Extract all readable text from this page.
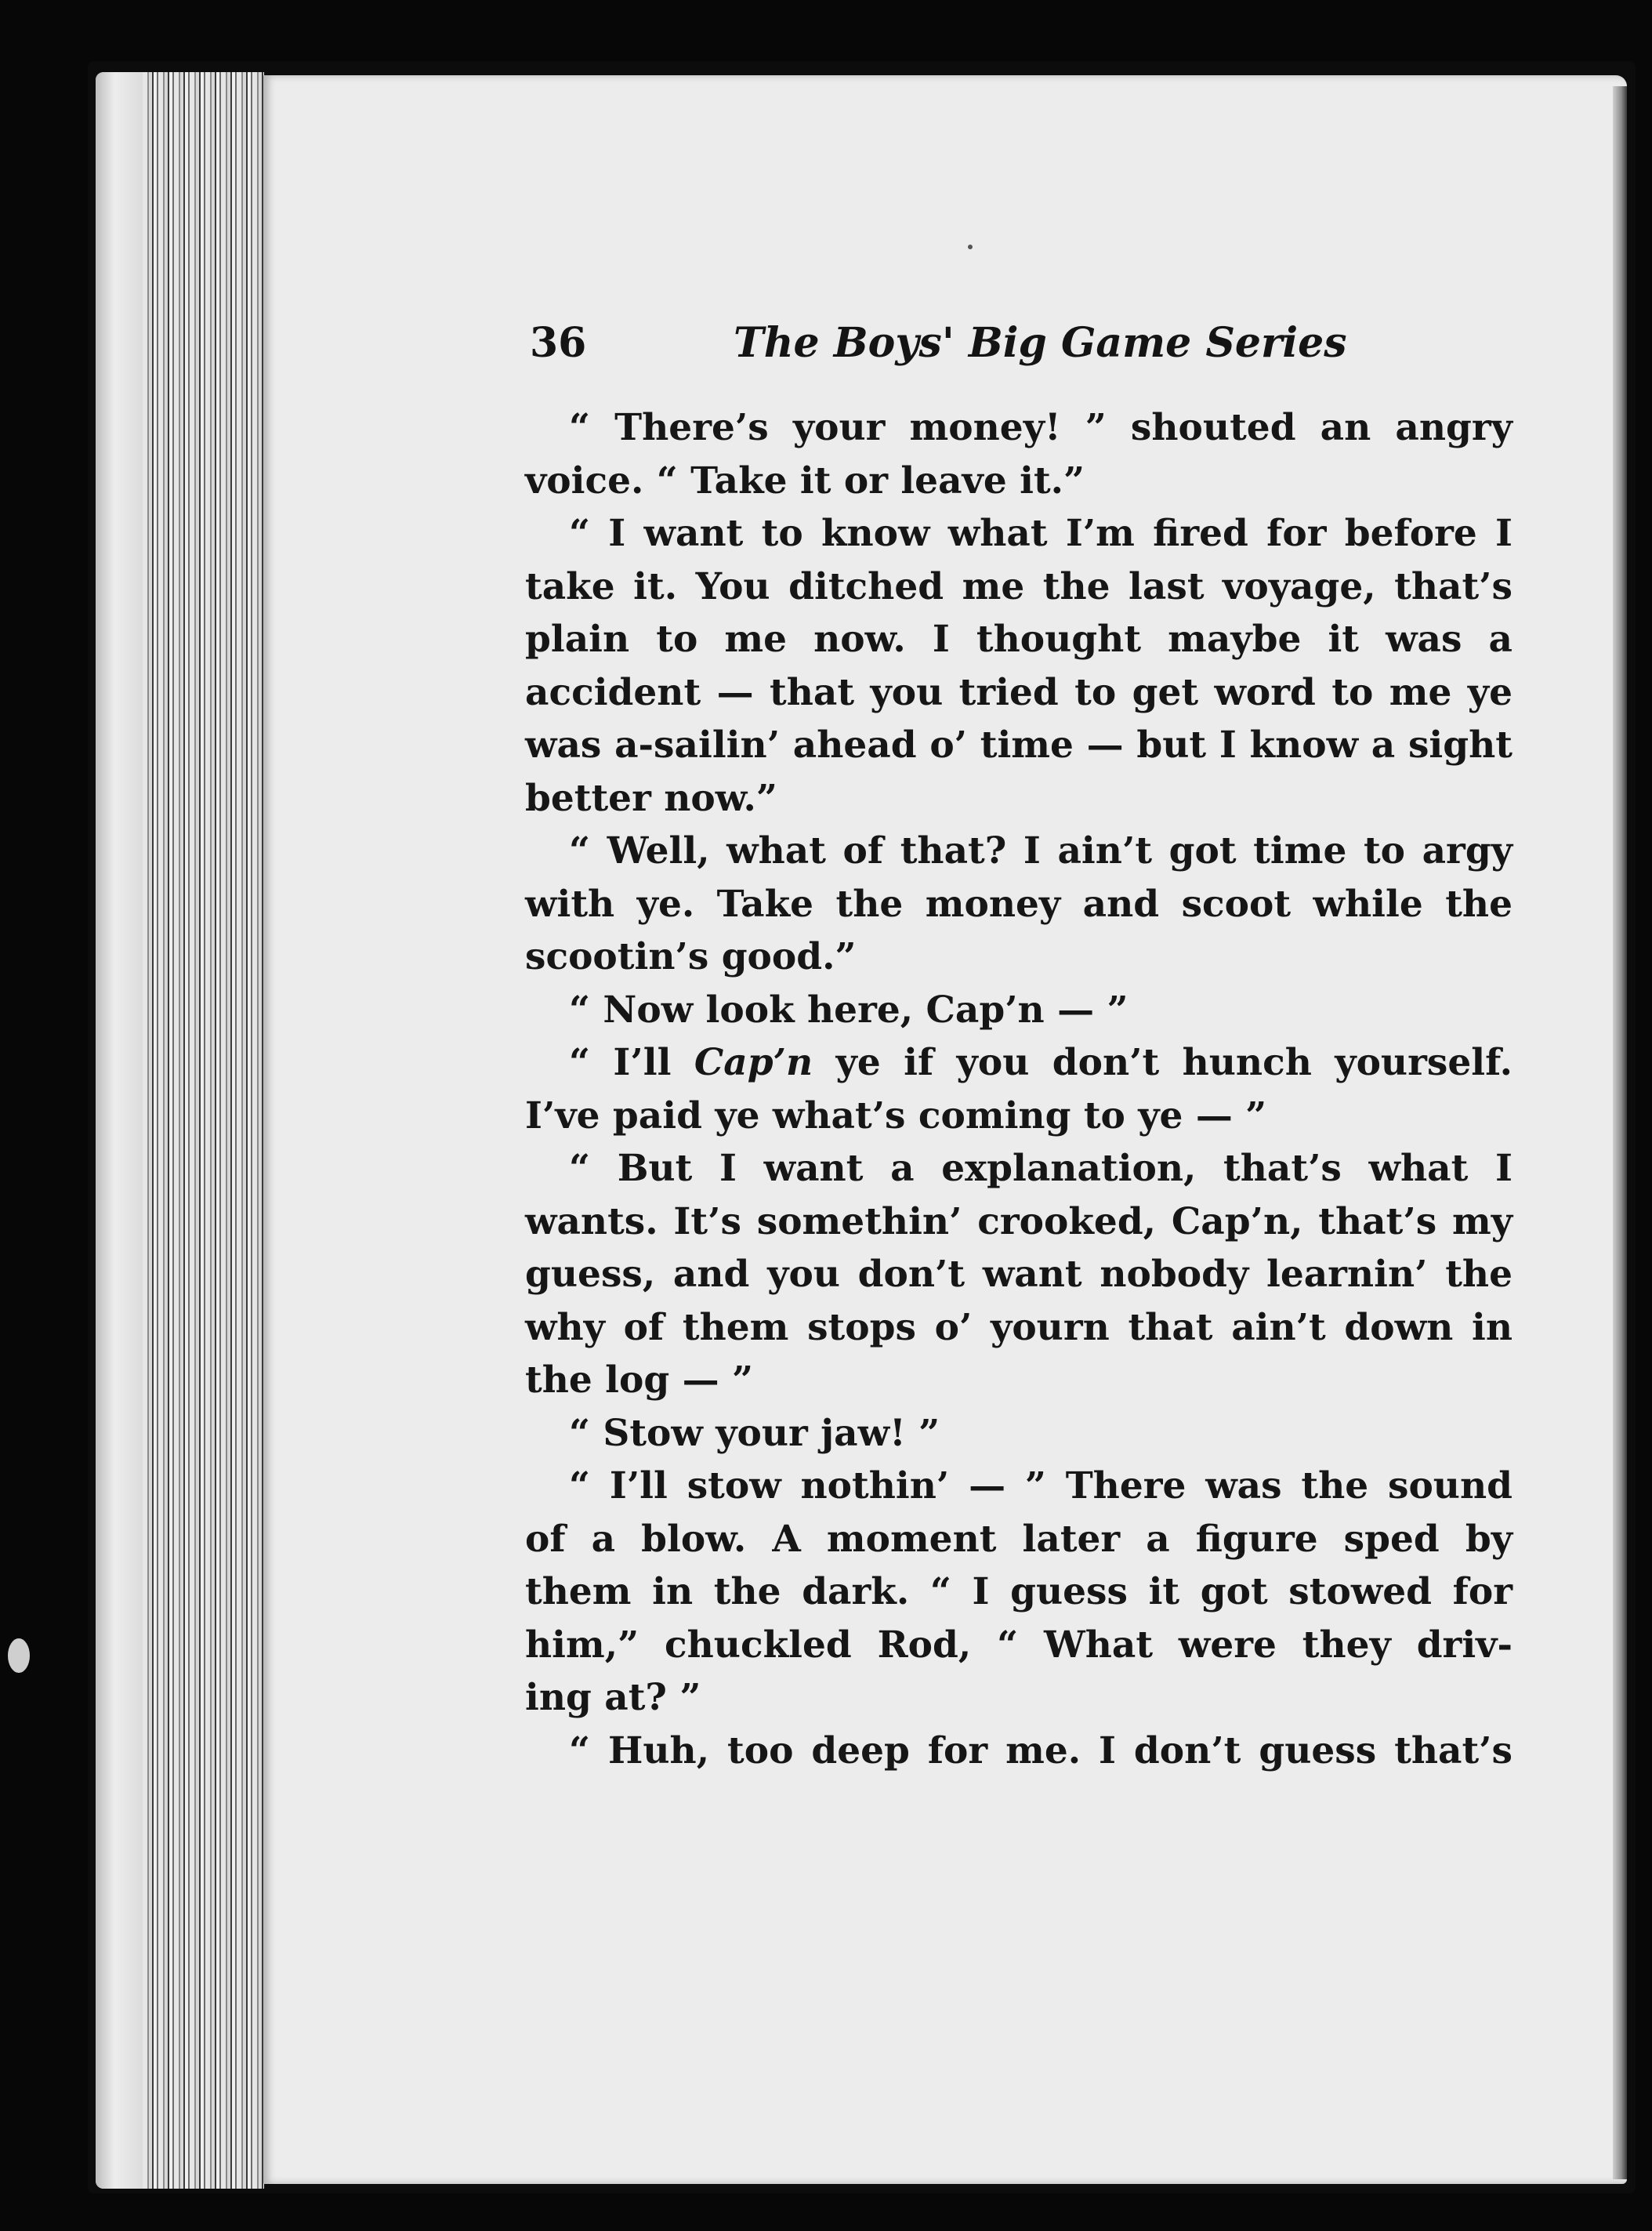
36	The Boys' Big Game Series
“ There’s your money! ” shouted an angry
voice. “ Take it or leave it.”
“ I want to know what I’m fired for before I
take it. You ditched me the last voyage, that’s
plain to me now. I thought maybe it was a
accident — that you tried to get word to me ye
was a-sailin’ ahead o’ time — but I know a sight
better now.”
“ Well, what of that? I ain’t got time to argy
with ye. Take the money and scoot while the
scootin’s good.”
“ Now look here, Cap’n — ”
“ I’ll Cap’n ye if you don’t hunch yourself.
I’ve paid ye what’s coming to ye — ”
“ But I want a explanation, that’s what I
wants. It’s somethin’ crooked, Cap’n, that’s my
guess, and you don’t want nobody learnin’ the
why of them stops o’ yourn that ain’t down in
the log — ”
“ Stow your jaw! ”
“ I’ll stow nothin’ — ” There was the sound
of a blow. A moment later a figure sped by
them in the dark. “ I guess it got stowed for
him,” chuckled Rod, “ What were they driv-
ing at? ”
“ Huh, too deep for me. I don’t guess that’s
